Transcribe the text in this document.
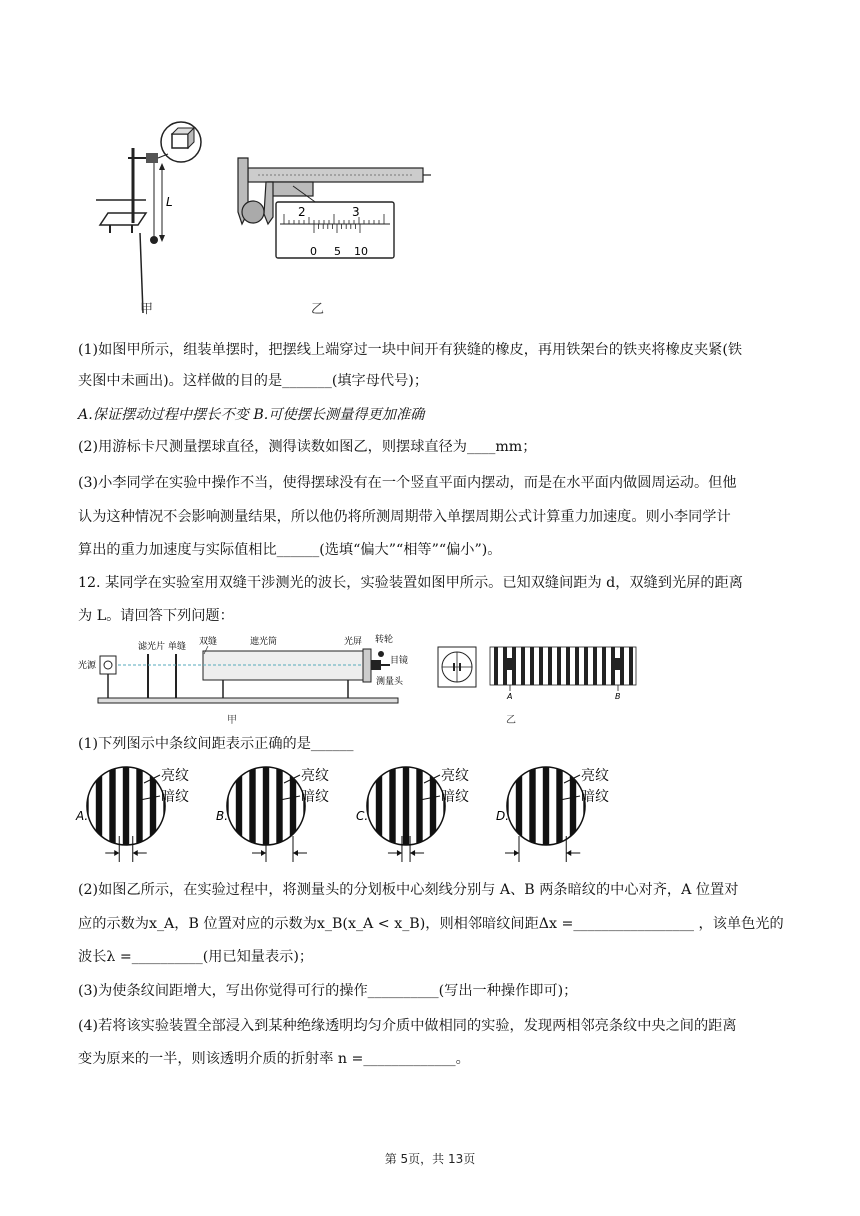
L
甲
2	3
0 5 10
乙
(1)如图甲所示，组装单摆时，把摆线上端穿过一块中间开有狭缝的橡皮，再用铁架台的铁夹将橡皮夹紧(铁
夹图中未画出)。这样做的目的是_______(填字母代号)；
A.保证摆动过程中摆长不变 B.可使摆长测量得更加准确
(2)用游标卡尺测量摆球直径，测得读数如图乙，则摆球直径为____mm；
(3)小李同学在实验中操作不当，使得摆球没有在一个竖直平面内摆动，而是在水平面内做圆周运动。但他
认为这种情况不会影响测量结果，所以他仍将所测周期带入单摆周期公式计算重力加速度。则小李同学计
算出的重力加速度与实际值相比______(选填“偏大”“相等”“偏小”)。
12. 某同学在实验室用双缝干涉测光的波长，实验装置如图甲所示。已知双缝间距为 d，双缝到光屏的距离
为 L。请回答下列问题：
光源
滤光片 单缝 双缝	遮光筒	光屏 转轮
目镜
测量头
甲
A	B
乙
(1)下列图示中条纹间距表示正确的是______
亮纹
暗纹
A.
亮纹
暗纹
B.
亮纹
暗纹
C.
亮纹
暗纹
D.
(2)如图乙所示，在实验过程中，将测量头的分划板中心刻线分别与 A、B 两条暗纹的中心对齐，A 位置对
应的示数为x_A，B 位置对应的示数为x_B(x_A < x_B)，则相邻暗纹间距Δx =_________________ ，该单色光的
波长λ =__________(用已知量表示)；
(3)为使条纹间距增大，写出你觉得可行的操作__________(写出一种操作即可)；
(4)若将该实验装置全部浸入到某种绝缘透明均匀介质中做相同的实验，发现两相邻亮条纹中央之间的距离
变为原来的一半，则该透明介质的折射率 n =_____________。
第 5页，共 13页
